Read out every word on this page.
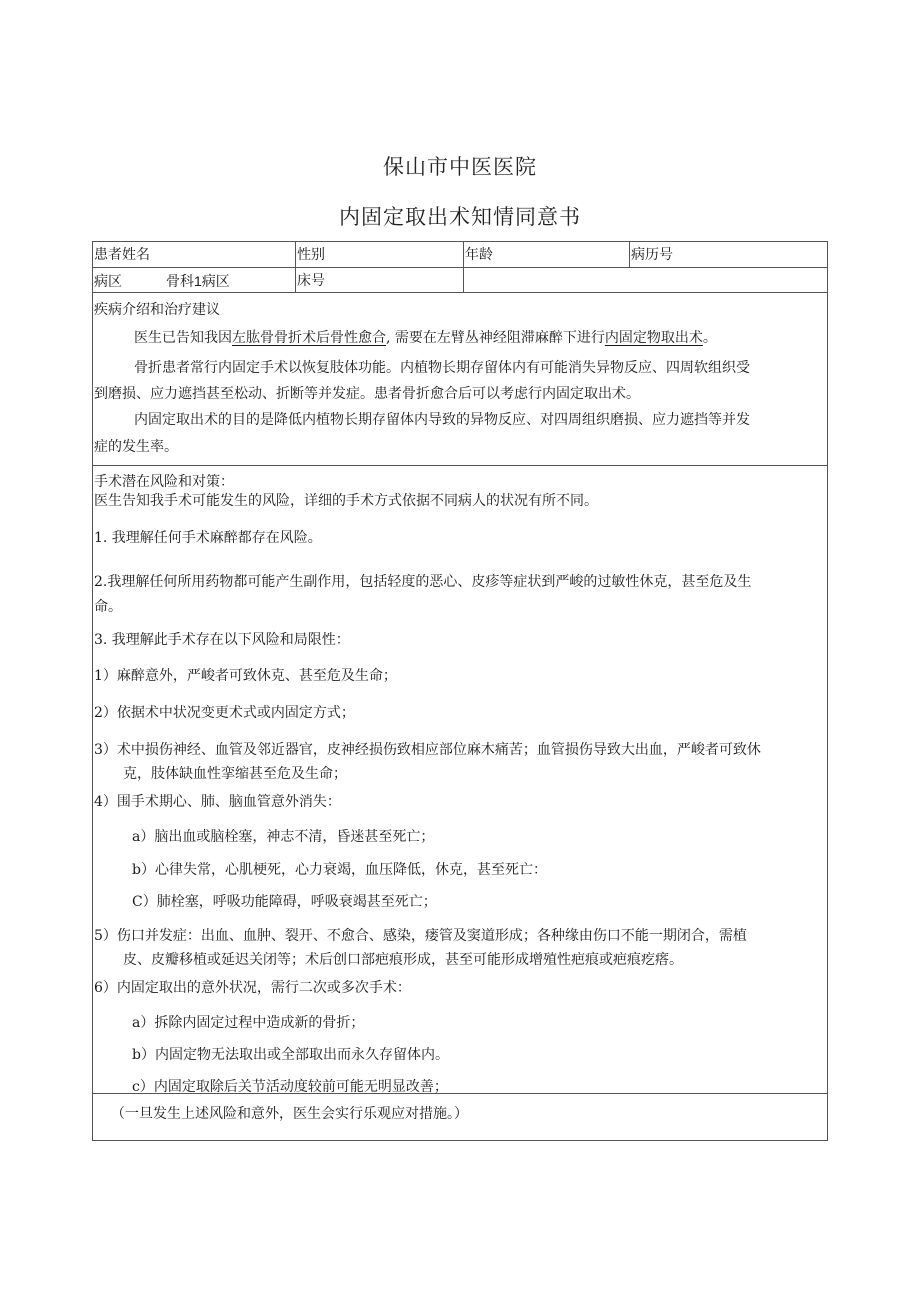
保山市中医医院
内固定取出术知情同意书
患者姓名	性别	年龄	病历号
病区	骨科1病区	床号
疾病介绍和治疗建议
医生已告知我因左肱骨骨折术后骨性愈合, 需要在左臂丛神经阻滞麻醉下进行内固定物取出术。
骨折患者常行内固定手术以恢复肢体功能。内植物长期存留体内有可能消失异物反应、四周软组织受
到磨损、应力遮挡甚至松动、折断等并发症。患者骨折愈合后可以考虑行内固定取出术。
内固定取出术的目的是降低内植物长期存留体内导致的异物反应、对四周组织磨损、应力遮挡等并发
症的发生率。
手术潜在风险和对策：
医生告知我手术可能发生的风险，详细的手术方式依据不同病人的状况有所不同。
1. 我理解任何手术麻醉都存在风险。
2.我理解任何所用药物都可能产生副作用，包括轻度的恶心、皮疹等症状到严峻的过敏性休克，甚至危及生
命。
3. 我理解此手术存在以下风险和局限性：
1）麻醉意外，严峻者可致休克、甚至危及生命；
2）依据术中状况变更术式或内固定方式；
3）术中损伤神经、血管及邻近器官，皮神经损伤致相应部位麻木痛苦；血管损伤导致大出血，严峻者可致休
克，肢体缺血性挛缩甚至危及生命；
4）围手术期心、肺、脑血管意外消失：
a）脑出血或脑栓塞，神志不清，昏迷甚至死亡；
b）心律失常，心肌梗死，心力衰竭，血压降低，休克，甚至死亡：
C）肺栓塞，呼吸功能障碍，呼吸衰竭甚至死亡；
5）伤口并发症：出血、血肿、裂开、不愈合、感染，瘘管及窦道形成；各种缘由伤口不能一期闭合，需植
皮、皮瓣移植或延迟关闭等；术后创口部疤痕形成，甚至可能形成增殖性疤痕或疤痕疙瘩。
6）内固定取出的意外状况，需行二次或多次手术：
a）拆除内固定过程中造成新的骨折；
b）内固定物无法取出或全部取出而永久存留体内。
c）内固定取除后关节活动度较前可能无明显改善；
（一旦发生上述风险和意外，医生会实行乐观应对措施。）
